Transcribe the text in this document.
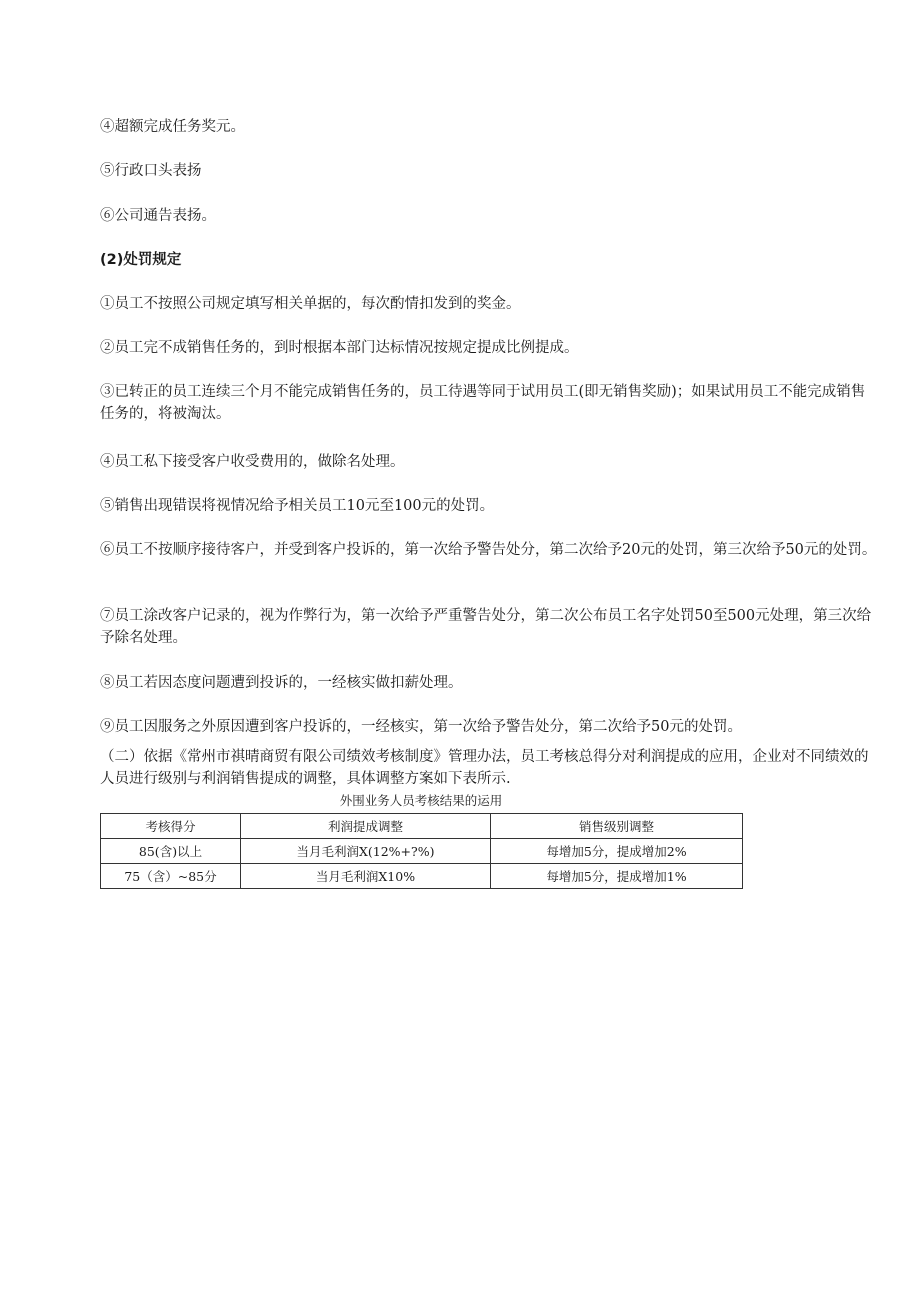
④超额完成任务奖元。

⑤行政口头表扬

⑥公司通告表扬。

(2)处罚规定

①员工不按照公司规定填写相关单据的，每次酌情扣发到的奖金。

②员工完不成销售任务的，到时根据本部门达标情况按规定提成比例提成。

③已转正的员工连续三个月不能完成销售任务的，员工待遇等同于试用员工(即无销售奖励)；如果试用员工不能完成销售任务的，将被淘汰。

④员工私下接受客户收受费用的，做除名处理。

⑤销售出现错误将视情况给予相关员工10元至100元的处罚。

⑥员工不按顺序接待客户，并受到客户投诉的，第一次给予警告处分，第二次给予20元的处罚，第三次给予50元的处罚。

⑦员工涂改客户记录的，视为作弊行为，第一次给予严重警告处分，第二次公布员工名字处罚50至500元处理，第三次给予除名处理。

⑧员工若因态度问题遭到投诉的，一经核实做扣薪处理。

⑨员工因服务之外原因遭到客户投诉的，一经核实，第一次给予警告处分，第二次给予50元的处罚。

（二）依据《常州市祺晴商贸有限公司绩效考核制度》管理办法，员工考核总得分对利润提成的应用，企业对不同绩效的人员进行级别与利润销售提成的调整，具体调整方案如下表所示.

外围业务人员考核结果的运用
考核得分	利润提成调整	销售级别调整
85(含)以上	当月毛利润X(12%+?%)	每增加5分，提成增加2%
75（含）~85分	当月毛利润X10%	每增加5分，提成增加1%
